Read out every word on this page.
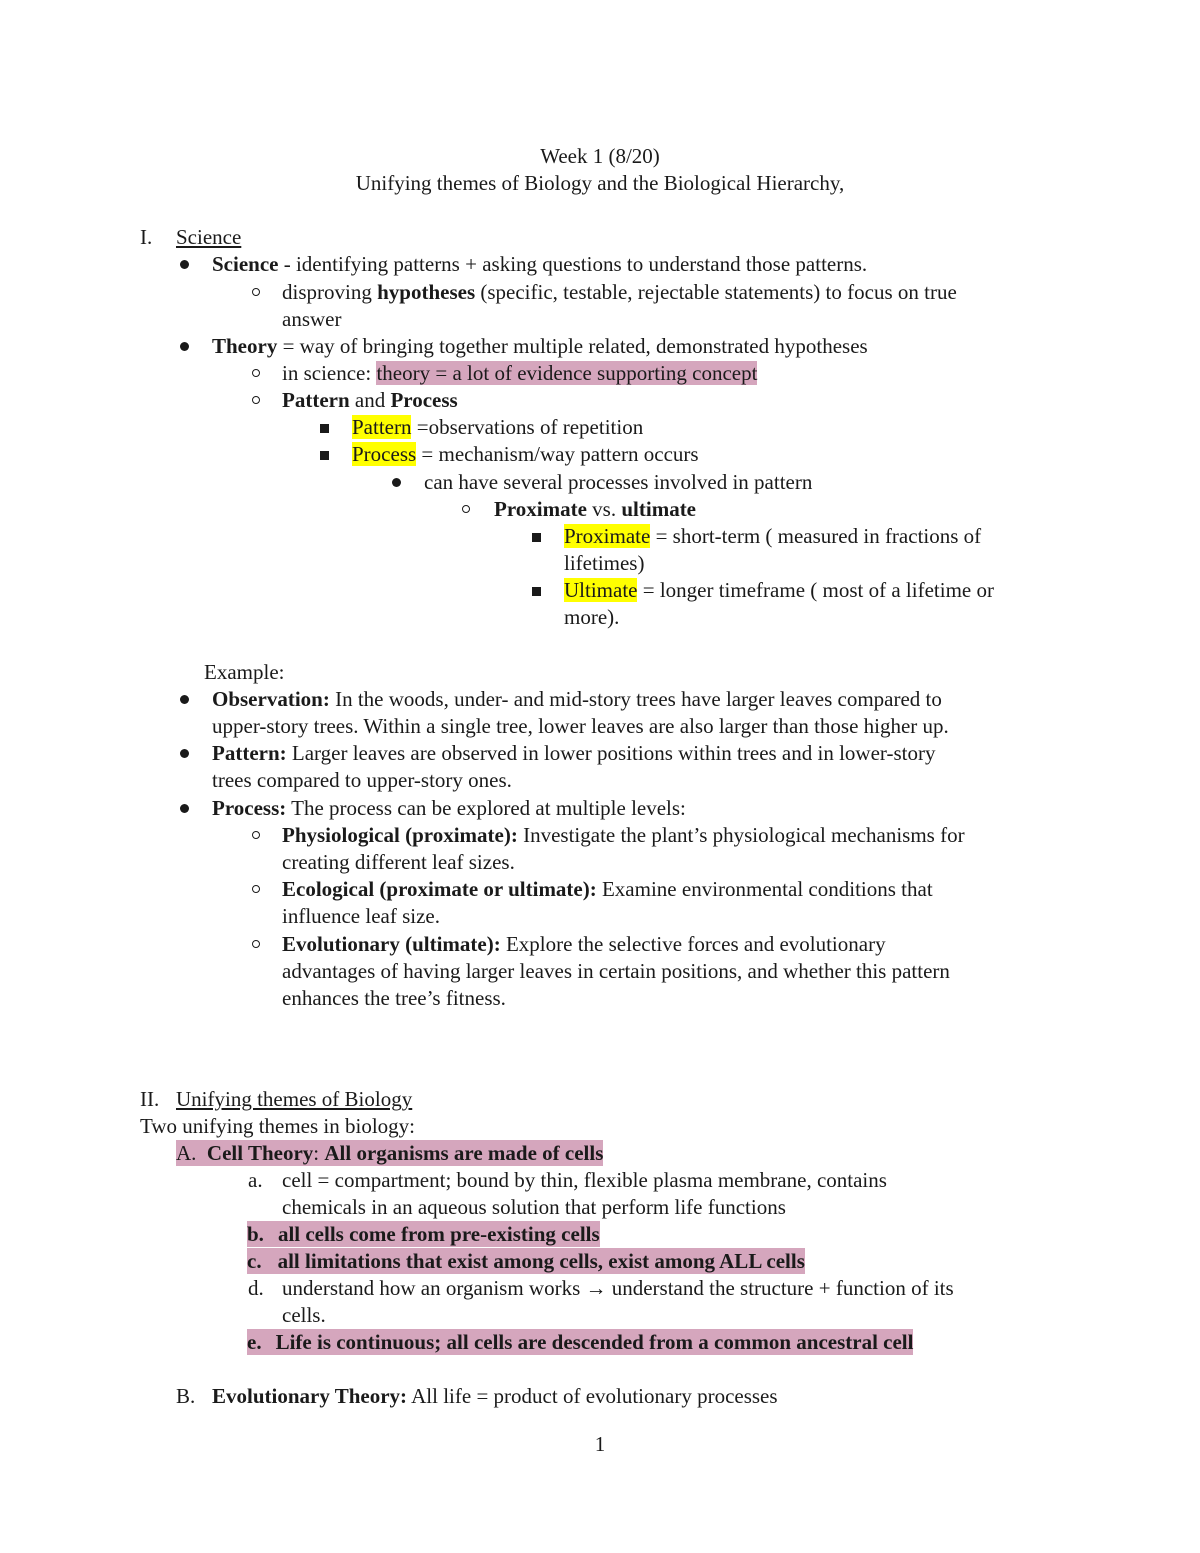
Week 1 (8/20)
Unifying themes of Biology and the Biological Hierarchy,
I. Science
Science - identifying patterns + asking questions to understand those patterns.
disproving hypotheses (specific, testable, rejectable statements) to focus on true
answer
Theory = way of bringing together multiple related, demonstrated hypotheses
in science: theory = a lot of evidence supporting concept
Pattern and Process
Pattern =observations of repetition
Process = mechanism/way pattern occurs
can have several processes involved in pattern
Proximate vs. ultimate
Proximate = short-term ( measured in fractions of
lifetimes)
Ultimate = longer timeframe ( most of a lifetime or
more).
Example:
Observation: In the woods, under- and mid-story trees have larger leaves compared to
upper-story trees. Within a single tree, lower leaves are also larger than those higher up.
Pattern: Larger leaves are observed in lower positions within trees and in lower-story
trees compared to upper-story ones.
Process: The process can be explored at multiple levels:
Physiological (proximate): Investigate the plant’s physiological mechanisms for
creating different leaf sizes.
Ecological (proximate or ultimate): Examine environmental conditions that
influence leaf size.
Evolutionary (ultimate): Explore the selective forces and evolutionary
advantages of having larger leaves in certain positions, and whether this pattern
enhances the tree’s fitness.
II. Unifying themes of Biology
Two unifying themes in biology:
A. Cell Theory: All organisms are made of cells
a. cell = compartment; bound by thin, flexible plasma membrane, contains
chemicals in an aqueous solution that perform life functions
b. all cells come from pre-existing cells
c. all limitations that exist among cells, exist among ALL cells
d. understand how an organism works → understand the structure + function of its
cells.
e. Life is continuous; all cells are descended from a common ancestral cell
B. Evolutionary Theory: All life = product of evolutionary processes
1
